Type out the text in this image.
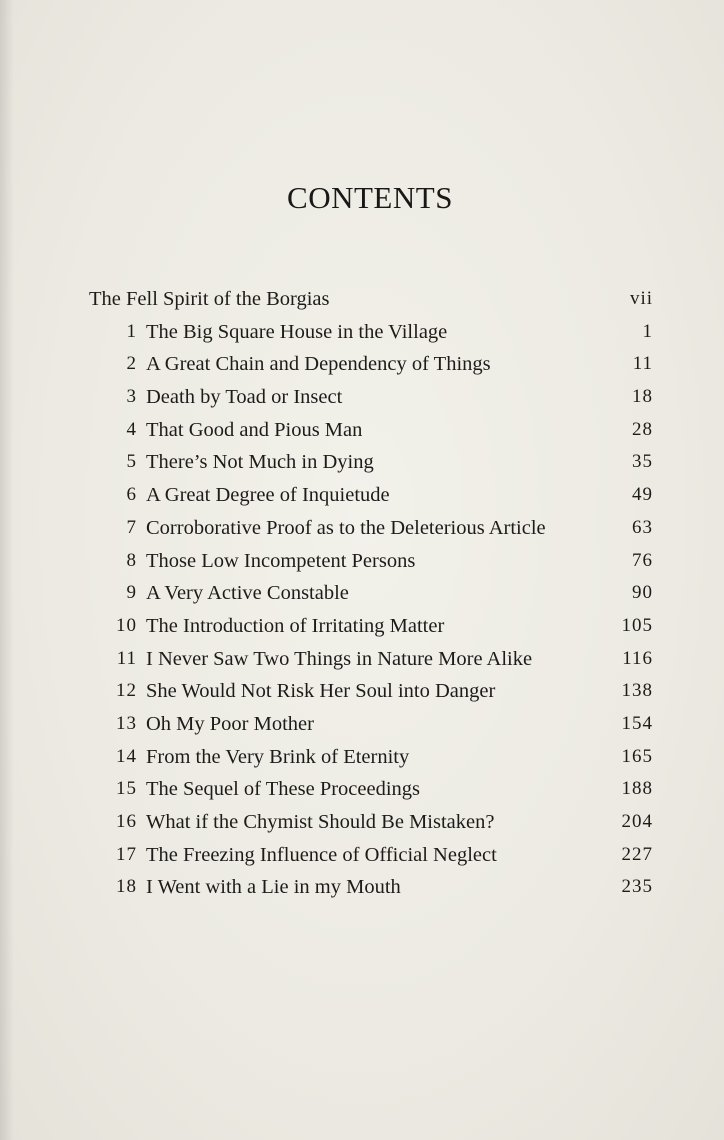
CONTENTS
The Fell Spirit of the Borgias	vii
1 The Big Square House in the Village	1
2 A Great Chain and Dependency of Things	11
3 Death by Toad or Insect	18
4 That Good and Pious Man	28
5 There’s Not Much in Dying	35
6 A Great Degree of Inquietude	49
7 Corroborative Proof as to the Deleterious Article	63
8 Those Low Incompetent Persons	76
9 A Very Active Constable	90
10 The Introduction of Irritating Matter	105
11 I Never Saw Two Things in Nature More Alike	116
12 She Would Not Risk Her Soul into Danger	138
13 Oh My Poor Mother	154
14 From the Very Brink of Eternity	165
15 The Sequel of These Proceedings	188
16 What if the Chymist Should Be Mistaken?	204
17 The Freezing Influence of Official Neglect	227
18 I Went with a Lie in my Mouth	235
